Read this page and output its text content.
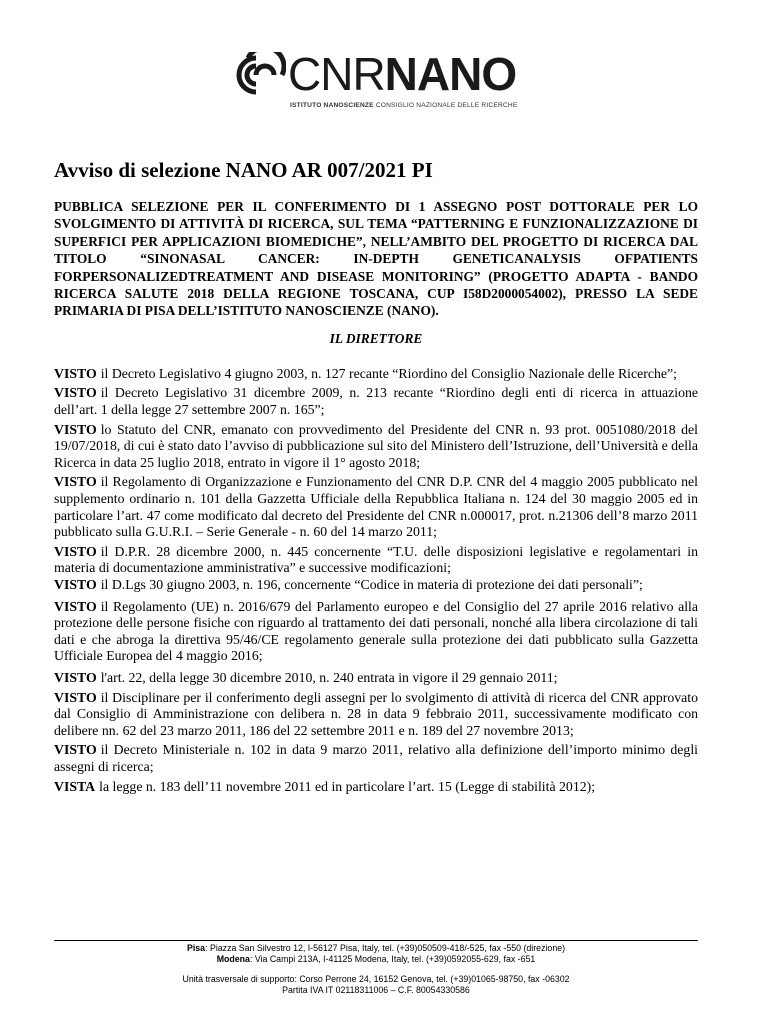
CNRNANO
ISTITUTO NANOSCIENZE CONSIGLIO NAZIONALE DELLE RICERCHE
Avviso di selezione NANO AR 007/2021 PI

PUBBLICA SELEZIONE PER IL CONFERIMENTO DI 1 ASSEGNO POST DOTTORALE PER LO SVOLGIMENTO DI ATTIVITÀ DI RICERCA, SUL TEMA “PATTERNING E FUNZIONALIZZAZIONE DI SUPERFICI PER APPLICAZIONI BIOMEDICHE”, NELL’AMBITO DEL PROGETTO DI RICERCA DAL TITOLO “SINONASAL CANCER: IN-DEPTH GENETICANALYSIS OFPATIENTS FORPERSONALIZEDTREATMENT AND DISEASE MONITORING” (PROGETTO ADAPTA - BANDO RICERCA SALUTE 2018 DELLA REGIONE TOSCANA, CUP I58D2000054002), PRESSO LA SEDE PRIMARIA DI PISA DELL’ISTITUTO NANOSCIENZE (NANO).

IL DIRETTORE

VISTO il Decreto Legislativo 4 giugno 2003, n. 127 recante “Riordino del Consiglio Nazionale delle Ricerche”;

VISTO il Decreto Legislativo 31 dicembre 2009, n. 213 recante “Riordino degli enti di ricerca in attuazione dell’art. 1 della legge 27 settembre 2007 n. 165”;

VISTO lo Statuto del CNR, emanato con provvedimento del Presidente del CNR n. 93 prot. 0051080/2018 del 19/07/2018, di cui è stato dato l’avviso di pubblicazione sul sito del Ministero dell’Istruzione, dell’Università e della Ricerca in data 25 luglio 2018, entrato in vigore il 1° agosto 2018;

VISTO il Regolamento di Organizzazione e Funzionamento del CNR D.P. CNR del 4 maggio 2005 pubblicato nel supplemento ordinario n. 101 della Gazzetta Ufficiale della Repubblica Italiana n. 124 del 30 maggio 2005 ed in particolare l’art. 47 come modificato dal decreto del Presidente del CNR n.000017, prot. n.21306 dell’8 marzo 2011 pubblicato sulla G.U.R.I. – Serie Generale - n. 60 del 14 marzo 2011;

VISTO il D.P.R. 28 dicembre 2000, n. 445 concernente “T.U. delle disposizioni legislative e regolamentari in materia di documentazione amministrativa” e successive modificazioni;

VISTO il D.Lgs 30 giugno 2003, n. 196, concernente “Codice in materia di protezione dei dati personali”;

VISTO il Regolamento (UE) n. 2016/679 del Parlamento europeo e del Consiglio del 27 aprile 2016 relativo alla protezione delle persone fisiche con riguardo al trattamento dei dati personali, nonché alla libera circolazione di tali dati e che abroga la direttiva 95/46/CE regolamento generale sulla protezione dei dati pubblicato sulla Gazzetta Ufficiale Europea del 4 maggio 2016;

VISTO l'art. 22, della legge 30 dicembre 2010, n. 240 entrata in vigore il 29 gennaio 2011;

VISTO il Disciplinare per il conferimento degli assegni per lo svolgimento di attività di ricerca del CNR approvato dal Consiglio di Amministrazione con delibera n. 28 in data 9 febbraio 2011, successivamente modificato con delibere nn. 62 del 23 marzo 2011, 186 del 22 settembre 2011 e n. 189 del 27 novembre 2013;

VISTO il Decreto Ministeriale n. 102 in data 9 marzo 2011, relativo alla definizione dell’importo minimo degli assegni di ricerca;

VISTA la legge n. 183 dell’11 novembre 2011 ed in particolare l’art. 15 (Legge di stabilità 2012);

Pisa: Piazza San Silvestro 12, I-56127 Pisa, Italy, tel. (+39)050509-418/-525, fax -550 (direzione)
Modena: Via Campi 213A, I-41125 Modena, Italy, tel. (+39)0592055-629, fax -651
Unità trasversale di supporto: Corso Perrone 24, 16152 Genova, tel. (+39)01065-98750, fax -06302
Partita IVA IT 02118311006 – C.F. 80054330586
